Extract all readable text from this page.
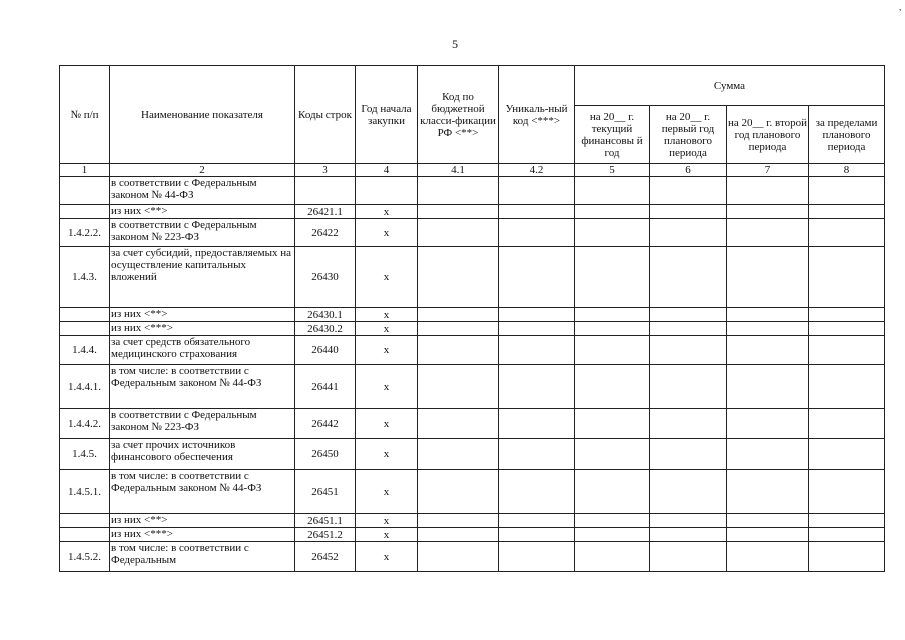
5
,
№ п/п	Наименование показателя	Коды строк	Год начала закупки	Код по бюджетной класси-фикации РФ <**>	Уникаль-ный код <***>	Сумма			
						на 20__ г. текущий финансовы й год	на 20__ г. первый год планового периода	на 20__ г. второй год планового периода	за пределами планового периода
1	2	3	4	4.1	4.2	5	6	7	8
	в соответствии с Федеральным законом № 44-ФЗ								
	из них <**>	26421.1	x						
1.4.2.2.	в соответствии с Федеральным законом № 223-ФЗ	26422	x						
1.4.3.	за счет субсидий, предоставляемых на осуществление капитальных вложений	26430	x						
	из них <**>	26430.1	x						
	из них <***>	26430.2	x						
1.4.4.	за счет средств обязательного медицинского страхования	26440	x						
1.4.4.1.	в том числе: в соответствии с Федеральным законом № 44-ФЗ	26441	x						
1.4.4.2.	в соответствии с Федеральным законом № 223-ФЗ	26442	x						
1.4.5.	за счет прочих источников финансового обеспечения	26450	x						
1.4.5.1.	в том числе: в соответствии с Федеральным законом № 44-ФЗ	26451	x						
	из них <**>	26451.1	x						
	из них <***>	26451.2	x						
1.4.5.2.	в том числе: в соответствии с Федеральным	26452	x						
